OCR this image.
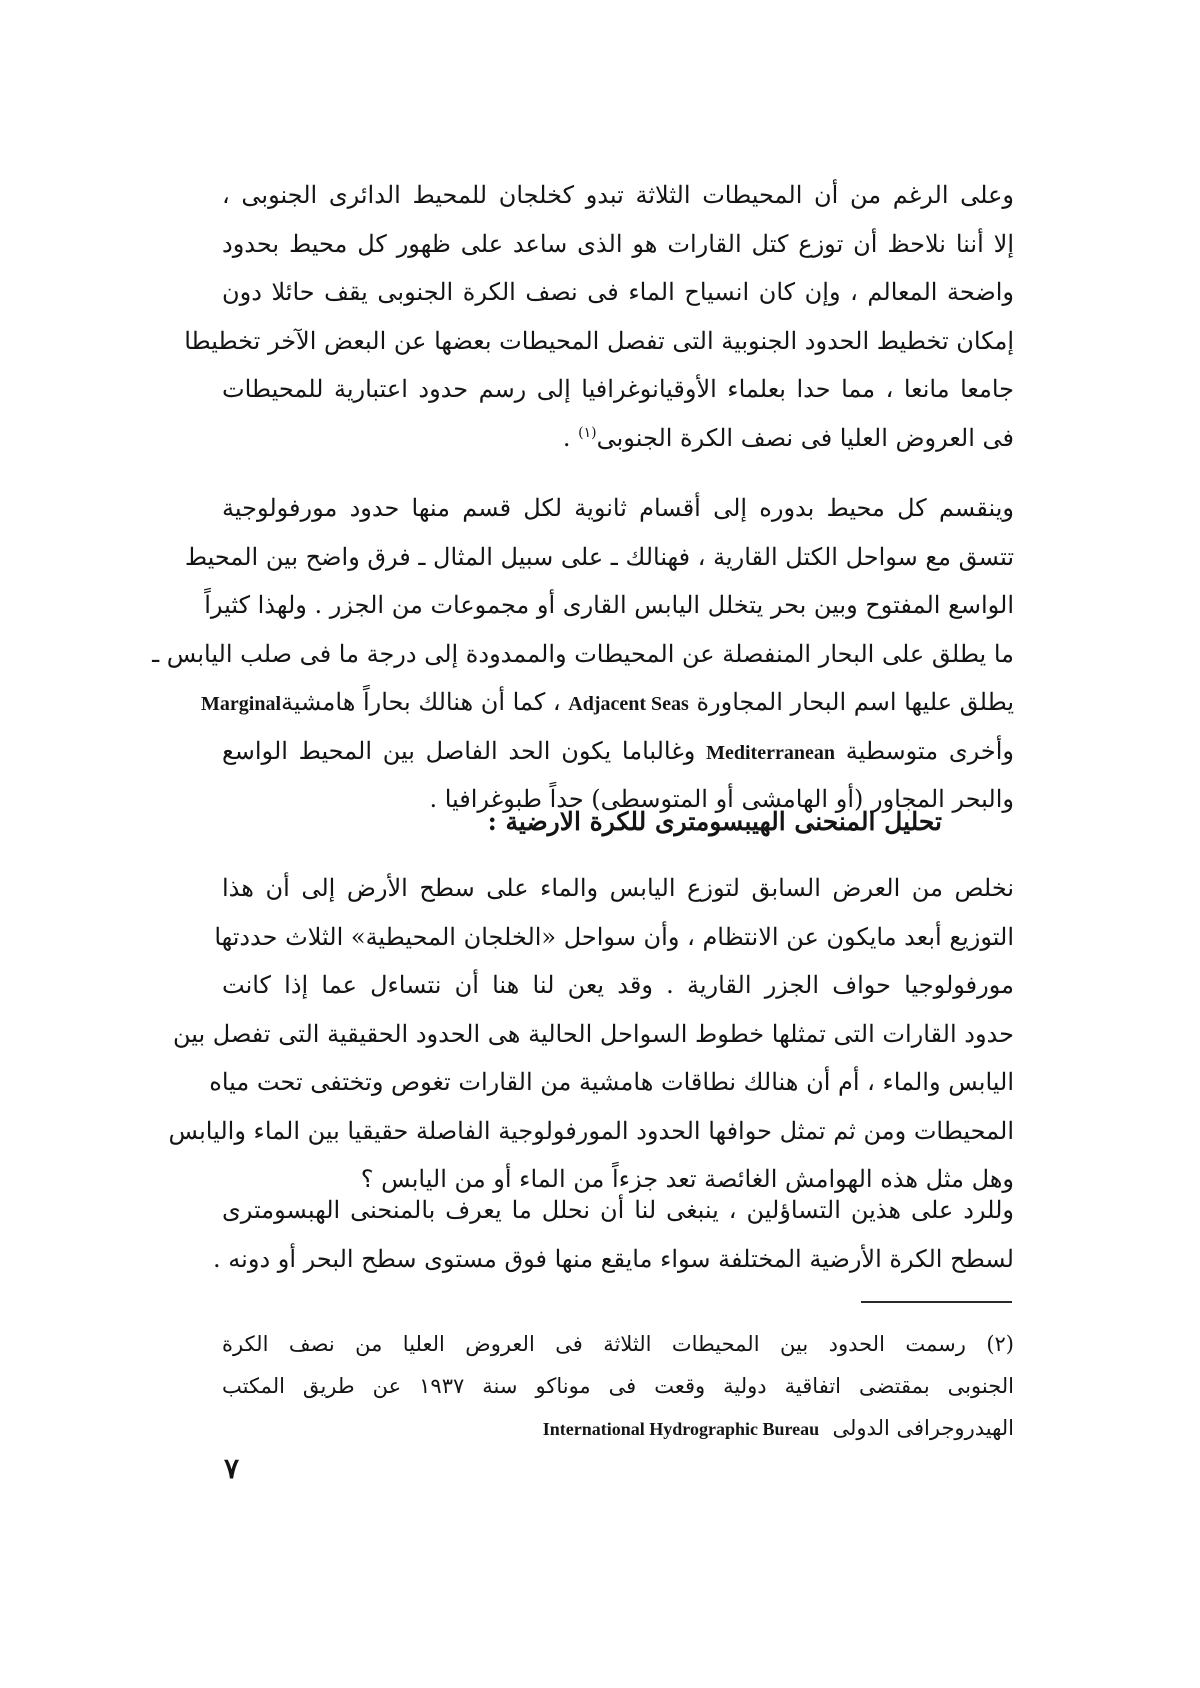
وعلى الرغم من أن المحيطات الثلاثة تبدو كخلجان للمحيط الدائرى الجنوبى ،
إلا أننا نلاحظ أن توزع كتل القارات هو الذى ساعد على ظهور كل محيط بحدود
واضحة المعالم ، وإن كان انسياح الماء فى نصف الكرة الجنوبى يقف حائلا دون
إمكان تخطيط الحدود الجنوبية التى تفصل المحيطات بعضها عن البعض الآخر تخطيطا
جامعا مانعا ، مما حدا بعلماء الأوقيانوغرافيا إلى رسم حدود اعتبارية للمحيطات
فى العروض العليا فى نصف الكرة الجنوبى$^{(١)}$ .
وينقسم كل محيط بدوره إلى أقسام ثانوية لكل قسم منها حدود مورفولوجية
تتسق مع سواحل الكتل القارية ، فهنالك ـ على سبيل المثال ـ فرق واضح بين المحيط
الواسع المفتوح وبين بحر يتخلل اليابس القارى أو مجموعات من الجزر . ولهذا كثيراً
ما يطلق على البحار المنفصلة عن المحيطات والممدودة إلى درجة ما فى صلب اليابس ـ
يطلق عليها اسم البحار المجاورة Adjacent Seas ، كما أن هنالك بحاراً هامشيةMarginal
وأخرى متوسطية Mediterranean وغالباما يكون الحد الفاصل بين المحيط الواسع
والبحر المجاور (أو الهامشى أو المتوسطى) حداً طبوغرافيا .
تحليل المنحنى الهيبسومترى للكرة الارضية :
نخلص من العرض السابق لتوزع اليابس والماء على سطح الأرض إلى أن هذا
التوزيع أبعد مايكون عن الانتظام ، وأن سواحل «الخلجان المحيطية» الثلاث حددتها
مورفولوجيا حواف الجزر القارية . وقد يعن لنا هنا أن نتساءل عما إذا كانت
حدود القارات التى تمثلها خطوط السواحل الحالية هى الحدود الحقيقية التى تفصل بين
اليابس والماء ، أم أن هنالك نطاقات هامشية من القارات تغوص وتختفى تحت مياه
المحيطات ومن ثم تمثل حوافها الحدود المورفولوجية الفاصلة حقيقيا بين الماء واليابس
وهل مثل هذه الهوامش الغائصة تعد جزءاً من الماء أو من اليابس ؟
وللرد على هذين التساؤلين ، ينبغى لنا أن نحلل ما يعرف بالمنحنى الهبسومترى
لسطح الكرة الأرضية المختلفة سواء مايقع منها فوق مستوى سطح البحر أو دونه .
(٢) رسمت الحدود بين المحيطات الثلاثة فى العروض العليا من نصف الكرة
الجنوبى بمقتضى اتفاقية دولية وقعت فى موناكو سنة ١٩٣٧ عن طريق المكتب
الهيدروجرافى الدولى  International Hydrographic Bureau
٧
